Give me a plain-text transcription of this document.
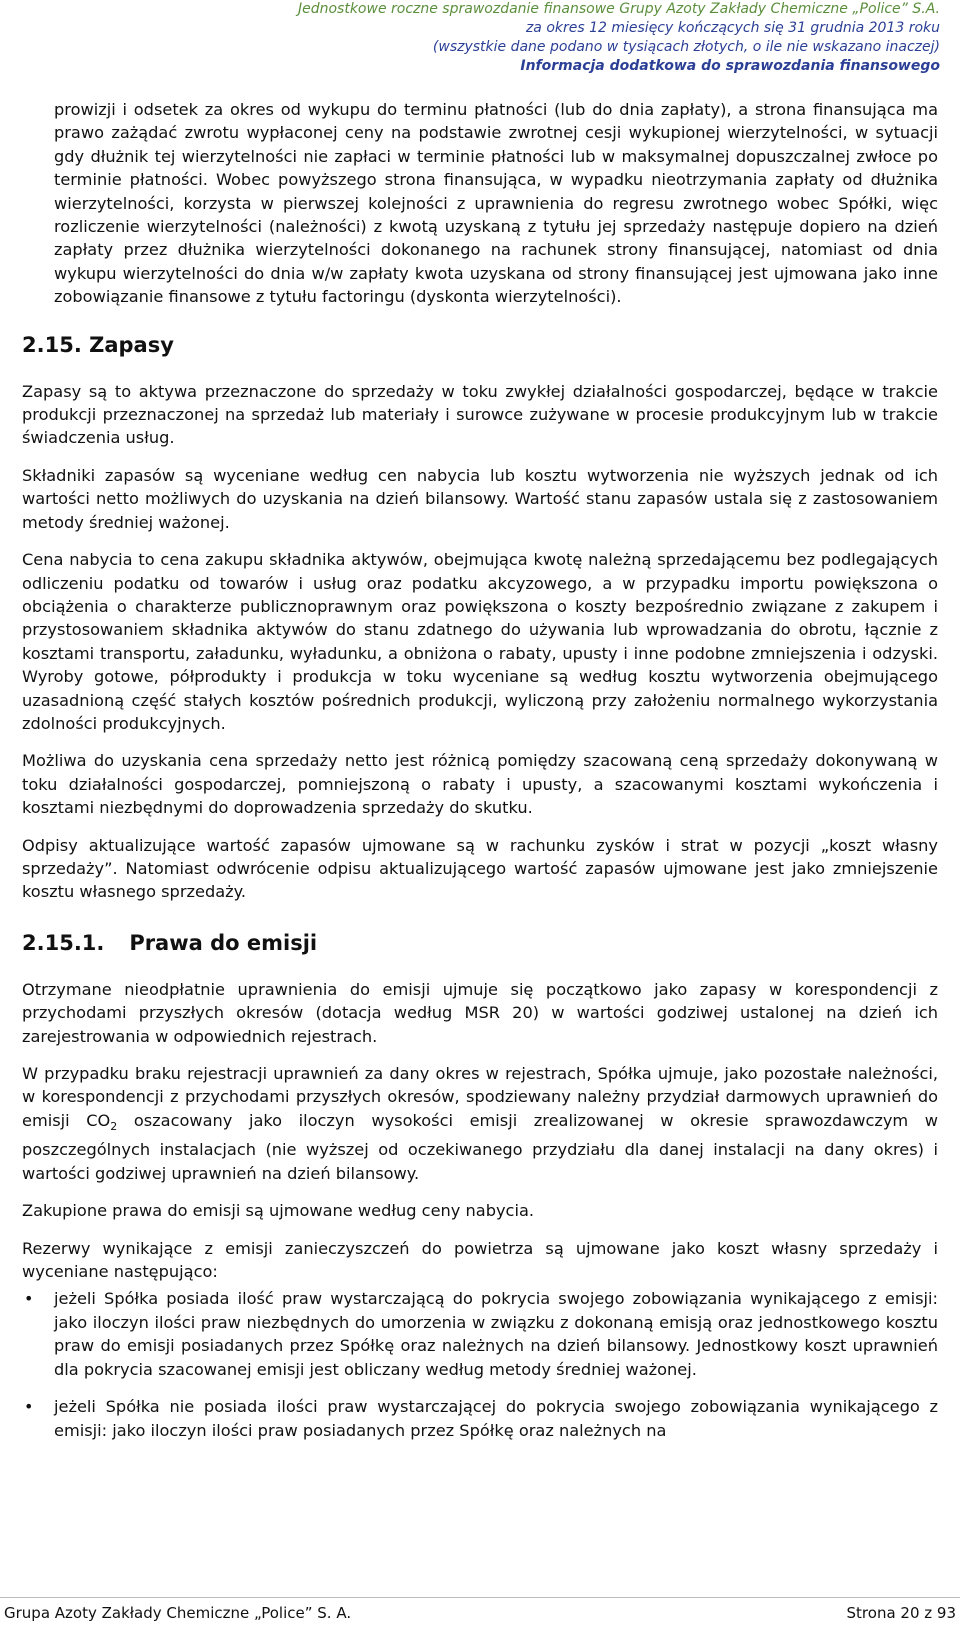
Jednostkowe roczne sprawozdanie finansowe Grupy Azoty Zakłady Chemiczne „Police” S.A.
za okres 12 miesięcy kończących się 31 grudnia 2013 roku
(wszystkie dane podano w tysiącach złotych, o ile nie wskazano inaczej)
Informacja dodatkowa do sprawozdania finansowego

prowizji i odsetek za okres od wykupu do terminu płatności (lub do dnia zapłaty), a strona finansująca ma prawo zażądać zwrotu wypłaconej ceny na podstawie zwrotnej cesji wykupionej wierzytelności, w sytuacji gdy dłużnik tej wierzytelności nie zapłaci w terminie płatności lub w maksymalnej dopuszczalnej zwłoce po terminie płatności. Wobec powyższego strona finansująca, w wypadku nieotrzymania zapłaty od dłużnika wierzytelności, korzysta w pierwszej kolejności z uprawnienia do regresu zwrotnego wobec Spółki, więc rozliczenie wierzytelności (należności) z kwotą uzyskaną z tytułu jej sprzedaży następuje dopiero na dzień zapłaty przez dłużnika wierzytelności dokonanego na rachunek strony finansującej, natomiast od dnia wykupu wierzytelności do dnia w/w zapłaty kwota uzyskana od strony finansującej jest ujmowana jako inne zobowiązanie finansowe z tytułu factoringu (dyskonta wierzytelności).

2.15. Zapasy

Zapasy są to aktywa przeznaczone do sprzedaży w toku zwykłej działalności gospodarczej, będące w trakcie produkcji przeznaczonej na sprzedaż lub materiały i surowce zużywane w procesie produkcyjnym lub w trakcie świadczenia usług.

Składniki zapasów są wyceniane według cen nabycia lub kosztu wytworzenia nie wyższych jednak od ich wartości netto możliwych do uzyskania na dzień bilansowy. Wartość stanu zapasów ustala się z zastosowaniem metody średniej ważonej.

Cena nabycia to cena zakupu składnika aktywów, obejmująca kwotę należną sprzedającemu bez podlegających odliczeniu podatku od towarów i usług oraz podatku akcyzowego, a w przypadku importu powiększona o obciążenia o charakterze publicznoprawnym oraz powiększona o koszty bezpośrednio związane z zakupem i przystosowaniem składnika aktywów do stanu zdatnego do używania lub wprowadzania do obrotu, łącznie z kosztami transportu, załadunku, wyładunku, a obniżona o rabaty, upusty i inne podobne zmniejszenia i odzyski. Wyroby gotowe, półprodukty i produkcja w toku wyceniane są według kosztu wytworzenia obejmującego uzasadnioną część stałych kosztów pośrednich produkcji, wyliczoną przy założeniu normalnego wykorzystania zdolności produkcyjnych.

Możliwa do uzyskania cena sprzedaży netto jest różnicą pomiędzy szacowaną ceną sprzedaży dokonywaną w toku działalności gospodarczej, pomniejszoną o rabaty i upusty, a szacowanymi kosztami wykończenia i kosztami niezbędnymi do doprowadzenia sprzedaży do skutku.

Odpisy aktualizujące wartość zapasów ujmowane są w rachunku zysków i strat w pozycji „koszt własny sprzedaży”. Natomiast odwrócenie odpisu aktualizującego wartość zapasów ujmowane jest jako zmniejszenie kosztu własnego sprzedaży.

2.15.1. Prawa do emisji

Otrzymane nieodpłatnie uprawnienia do emisji ujmuje się początkowo jako zapasy w korespondencji z przychodami przyszłych okresów (dotacja według MSR 20) w wartości godziwej ustalonej na dzień ich zarejestrowania w odpowiednich rejestrach.

W przypadku braku rejestracji uprawnień za dany okres w rejestrach, Spółka ujmuje, jako pozostałe należności, w korespondencji z przychodami przyszłych okresów, spodziewany należny przydział darmowych uprawnień do emisji $CO_2$ oszacowany jako iloczyn wysokości emisji zrealizowanej w okresie sprawozdawczym w poszczególnych instalacjach (nie wyższej od oczekiwanego przydziału dla danej instalacji na dany okres) i wartości godziwej uprawnień na dzień bilansowy.

Zakupione prawa do emisji są ujmowane według ceny nabycia.

Rezerwy wynikające z emisji zanieczyszczeń do powietrza są ujmowane jako koszt własny sprzedaży i wyceniane następująco:

• jeżeli Spółka posiada ilość praw wystarczającą do pokrycia swojego zobowiązania wynikającego z emisji: jako iloczyn ilości praw niezbędnych do umorzenia w związku z dokonaną emisją oraz jednostkowego kosztu praw do emisji posiadanych przez Spółkę oraz należnych na dzień bilansowy. Jednostkowy koszt uprawnień dla pokrycia szacowanej emisji jest obliczany według metody średniej ważonej.
• jeżeli Spółka nie posiada ilości praw wystarczającej do pokrycia swojego zobowiązania wynikającego z emisji: jako iloczyn ilości praw posiadanych przez Spółkę oraz należnych na
Grupa Azoty Zakłady Chemiczne „Police” S. A.	Strona 20 z 93
